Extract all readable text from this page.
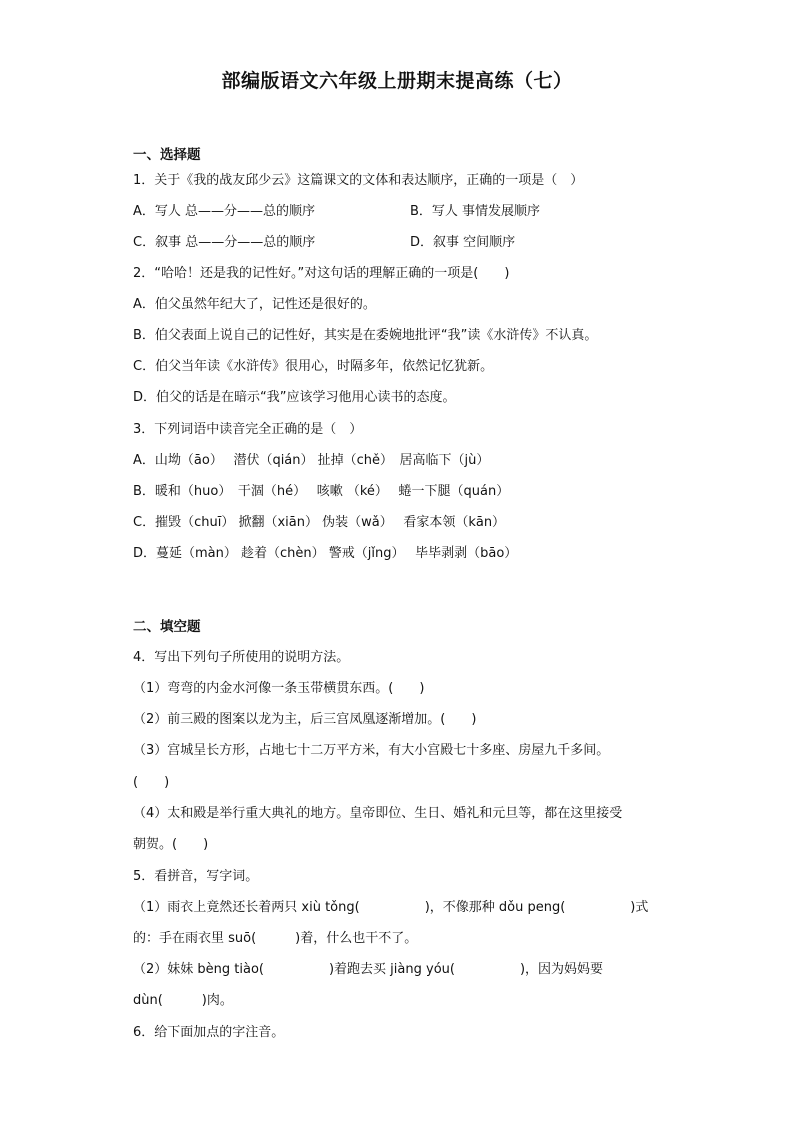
部编版语文六年级上册期末提高练（七）
一、选择题
1．关于《我的战友邱少云》这篇课文的文体和表达顺序，正确的一项是（　）
A．写人 总——分——总的顺序	B．写人 事情发展顺序
C．叙事 总——分——总的顺序	D．叙事 空间顺序
2．“哈哈！还是我的记性好。”对这句话的理解正确的一项是(　　)
A．伯父虽然年纪大了，记性还是很好的。
B．伯父表面上说自己的记性好，其实是在委婉地批评“我”读《水浒传》不认真。
C．伯父当年读《水浒传》很用心，时隔多年，依然记忆犹新。
D．伯父的话是在暗示“我”应该学习他用心读书的态度。
3．下列词语中读音完全正确的是（　）
A．山坳（āo）　 潜伏（qián） 扯掉（chě）　居高临下（jù）
B．暖和（huo）　干涸（hé）　 咳嗽 （ké）　 蜷一下腿（quán）
C．摧毁（chuī） 掀翻（xiān） 伪装（wǎ）　 看家本领（kān）
D．蔓延（màn） 趁着（chèn） 警戒（jǐng）　 毕毕剥剥（bāo）
二、填空题
4．写出下列句子所使用的说明方法。
（1）弯弯的内金水河像一条玉带横贯东西。(　　)
（2）前三殿的图案以龙为主，后三宫凤凰逐渐增加。(　　)
（3）宫城呈长方形，占地七十二万平方米，有大小宫殿七十多座、房屋九千多间。
(　　)
（4）太和殿是举行重大典礼的地方。皇帝即位、生日、婚礼和元旦等，都在这里接受
朝贺。(　　)
5．看拼音，写字词。
（1）雨衣上竟然还长着两只 xiù tǒng(　　　　　)，不像那种 dǒu peng(　　　　　)式
的：手在雨衣里 suō(　　　)着，什么也干不了。
（2）妹妹 bèng tiào(　　　　　)着跑去买 jiàng yóu(　　　　　)，因为妈妈要
dùn(　　　)肉。
6．给下面加点的字注音。
